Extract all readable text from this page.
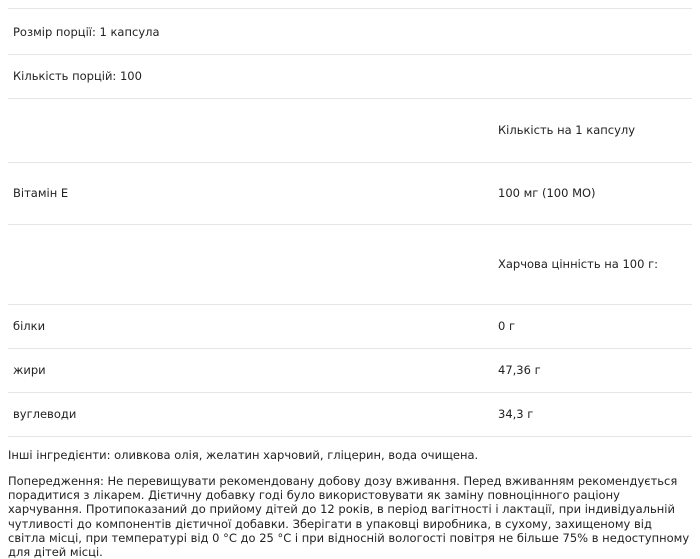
Розмір порції: 1 капсула
Кількість порцій: 100
Кількість на 1 капсулу
Вітамін Е	100 мг (100 МО)
Харчова цінність на 100 г:
білки	0 г
жири	47,36 г
вуглеводи	34,3 г
Інші інгредієнти: оливкова олія, желатин харчовий, гліцерин, вода очищена.
Попередження: Не перевищувати рекомендовану добову дозу вживання. Перед вживанням рекомендується порадитися з лікарем. Дієтичну добавку годі було використовувати як заміну повноцінного раціону харчування. Протипоказаний до прийому дітей до 12 років, в період вагітності і лактації, при індивідуальній чутливості до компонентів дієтичної добавки. Зберігати в упаковці виробника, в сухому, захищеному від світла місці, при температурі від 0 °С до 25 °С і при відносній вологості повітря не більше 75% в недоступному для дітей місці.
